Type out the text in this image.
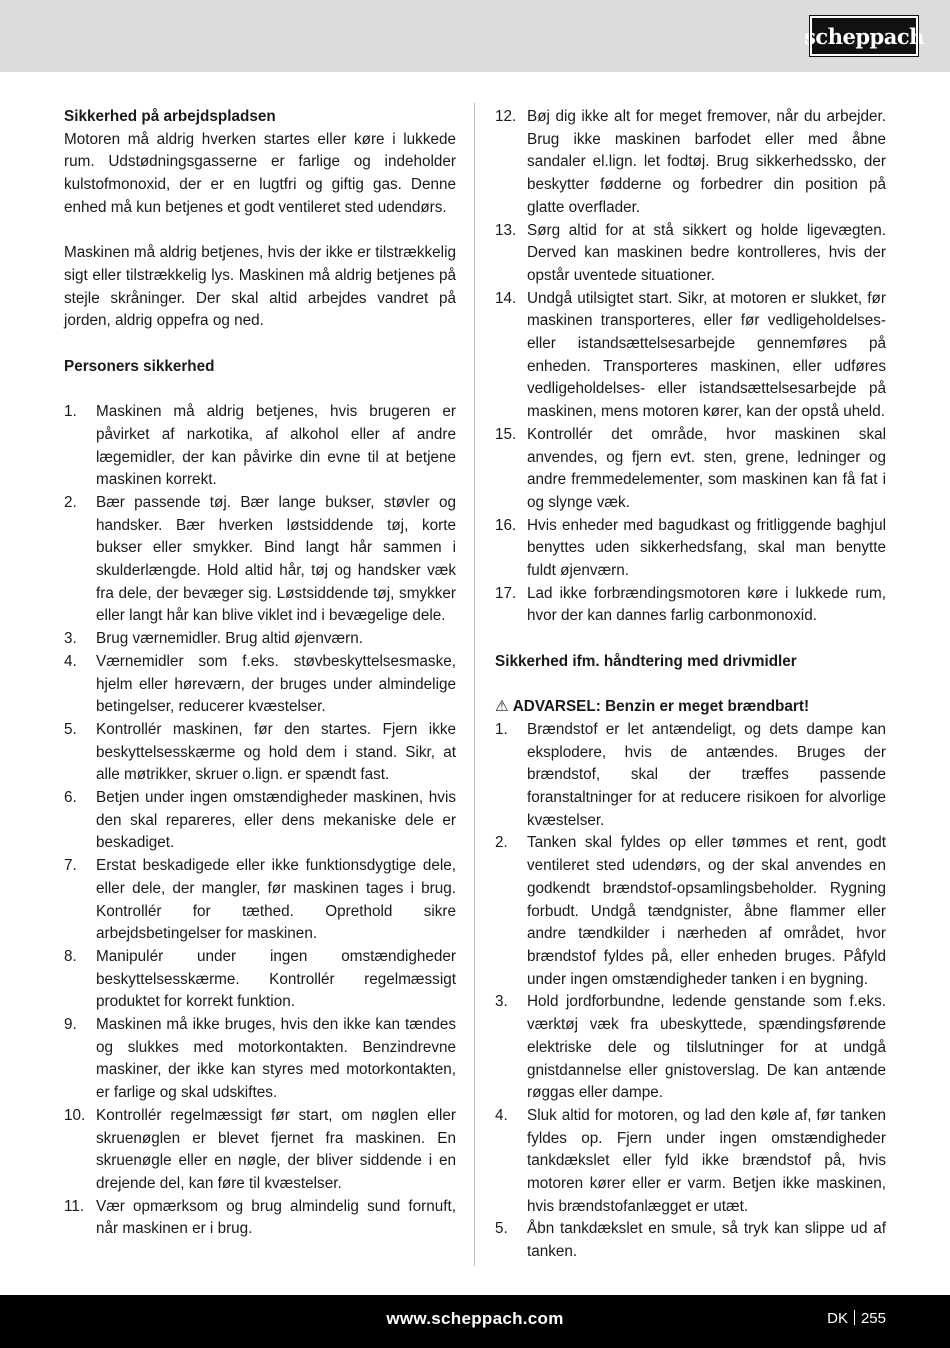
scheppach
Sikkerhed på arbejdspladsen

Motoren må aldrig hverken startes eller køre i lukkede rum. Udstødningsgasserne er farlige og indeholder kulstofmonoxid, der er en lugtfri og giftig gas. Denne enhed må kun betjenes et godt ventileret sted udendørs.

Maskinen må aldrig betjenes, hvis der ikke er tilstrækkelig sigt eller tilstrækkelig lys. Maskinen må aldrig betjenes på stejle skråninger. Der skal altid arbejdes vandret på jorden, aldrig oppefra og ned.

Personers sikkerhed
1.	Maskinen må aldrig betjenes, hvis brugeren er påvirket af narkotika, af alkohol eller af andre lægemidler, der kan påvirke din evne til at betjene maskinen korrekt.
2.	Bær passende tøj. Bær lange bukser, støvler og handsker. Bær hverken løstsiddende tøj, korte bukser eller smykker. Bind langt hår sammen i skulderlængde. Hold altid hår, tøj og handsker væk fra dele, der bevæger sig. Løstsiddende tøj, smykker eller langt hår kan blive viklet ind i bevægelige dele.
3.	Brug værnemidler. Brug altid øjenværn.
4.	Værnemidler som f.eks. støvbeskyttelsesmaske, hjelm eller høreværn, der bruges under almindelige betingelser, reducerer kvæstelser.
5.	Kontrollér maskinen, før den startes. Fjern ikke beskyttelsesskærme og hold dem i stand. Sikr, at alle møtrikker, skruer o.lign. er spændt fast.
6.	Betjen under ingen omstændigheder maskinen, hvis den skal repareres, eller dens mekaniske dele er beskadiget.
7.	Erstat beskadigede eller ikke funktionsdygtige dele, eller dele, der mangler, før maskinen tages i brug. Kontrollér for tæthed. Oprethold sikre arbejdsbetingelser for maskinen.
8.	Manipulér under ingen omstændigheder beskyttelsesskærme. Kontrollér regelmæssigt produktet for korrekt funktion.
9.	Maskinen må ikke bruges, hvis den ikke kan tændes og slukkes med motorkontakten. Benzindrevne maskiner, der ikke kan styres med motorkontakten, er farlige og skal udskiftes.
10. Kontrollér regelmæssigt før start, om nøglen eller skruenøglen er blevet fjernet fra maskinen. En skruenøgle eller en nøgle, der bliver siddende i en drejende del, kan føre til kvæstelser.
11. Vær opmærksom og brug almindelig sund fornuft, når maskinen er i brug.
12. Bøj dig ikke alt for meget fremover, når du arbejder. Brug ikke maskinen barfodet eller med åbne sandaler el.lign. let fodtøj. Brug sikkerhedssko, der beskytter fødderne og forbedrer din position på glatte overflader.
13. Sørg altid for at stå sikkert og holde ligevægten. Derved kan maskinen bedre kontrolleres, hvis der opstår uventede situationer.
14. Undgå utilsigtet start. Sikr, at motoren er slukket, før maskinen transporteres, eller før vedligeholdelses- eller istandsættelsesarbejde gennemføres på enheden. Transporteres maskinen, eller udføres vedligeholdelses- eller istandsættelsesarbejde på maskinen, mens motoren kører, kan der opstå uheld.
15. Kontrollér det område, hvor maskinen skal anvendes, og fjern evt. sten, grene, ledninger og andre fremmedelementer, som maskinen kan få fat i og slynge væk.
16. Hvis enheder med bagudkast og fritliggende baghjul benyttes uden sikkerhedsfang, skal man benytte fuldt øjenværn.
17. Lad ikke forbrændingsmotoren køre i lukkede rum, hvor der kan dannes farlig carbonmonoxid.
Sikkerhed ifm. håndtering med drivmidler
⚠ ADVARSEL: Benzin er meget brændbart!
1.	Brændstof er let antændeligt, og dets dampe kan eksplodere, hvis de antændes. Bruges der brændstof, skal der træffes passende foranstaltninger for at reducere risikoen for alvorlige kvæstelser.
2.	Tanken skal fyldes op eller tømmes et rent, godt ventileret sted udendørs, og der skal anvendes en godkendt brændstof-opsamlingsbeholder. Rygning forbudt. Undgå tændgnister, åbne flammer eller andre tændkilder i nærheden af området, hvor brændstof fyldes på, eller enheden bruges. Påfyld under ingen omstændigheder tanken i en bygning.
3.	Hold jordforbundne, ledende genstande som f.eks. værktøj væk fra ubeskyttede, spændingsførende elektriske dele og tilslutninger for at undgå gnistdannelse eller gnistoverslag. De kan antænde røggas eller dampe.
4.	Sluk altid for motoren, og lad den køle af, før tanken fyldes op. Fjern under ingen omstændigheder tankdækslet eller fyld ikke brændstof på, hvis motoren kører eller er varm. Betjen ikke maskinen, hvis brændstofanlægget er utæt.
5.	Åbn tankdækslet en smule, så tryk kan slippe ud af tanken.
www.scheppach.com	DK 255
